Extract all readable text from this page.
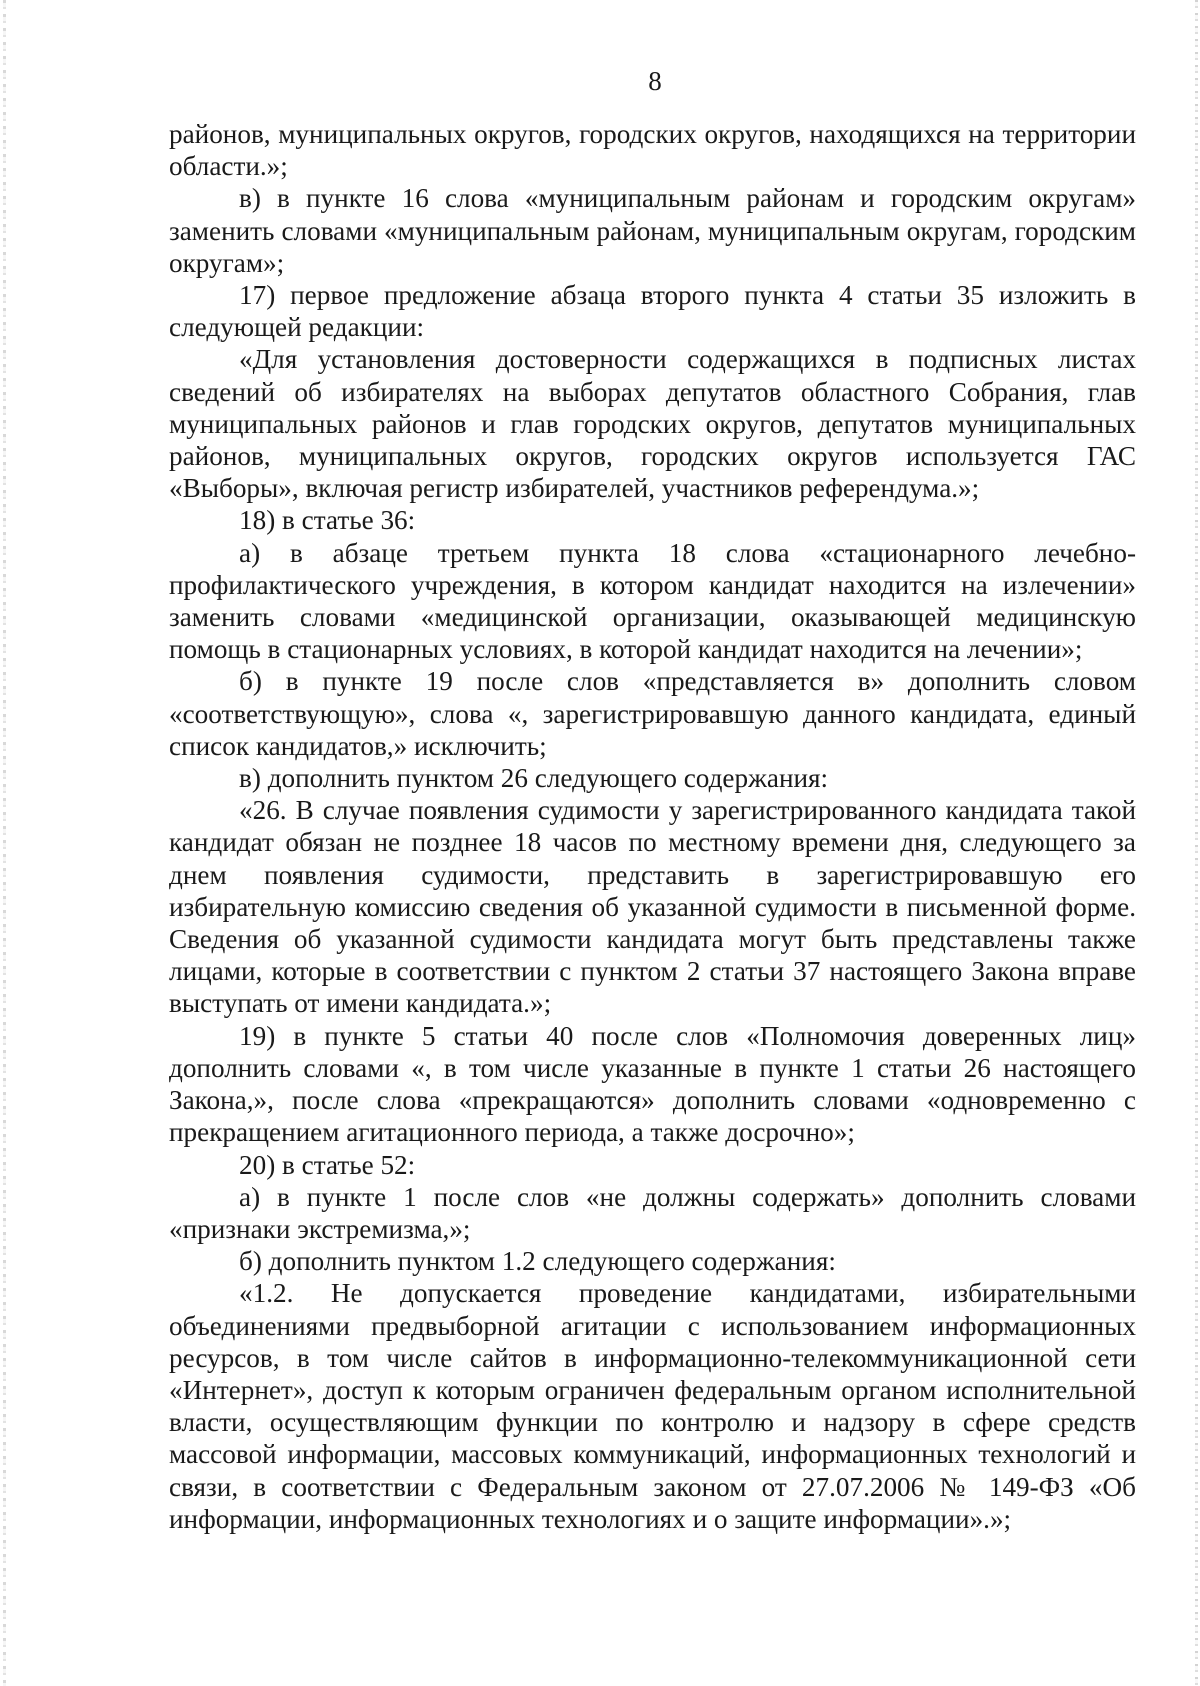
8

районов, муниципальных округов, городских округов, находящихся на территории области.»;

в) в пункте 16 слова «муниципальным районам и городским округам» заменить словами «муниципальным районам, муниципальным округам, городским округам»;

17) первое предложение абзаца второго пункта 4 статьи 35 изложить в следующей редакции:

«Для установления достоверности содержащихся в подписных листах сведений об избирателях на выборах депутатов областного Собрания, глав муниципальных районов и глав городских округов, депутатов муниципальных районов, муниципальных округов, городских округов используется ГАС «Выборы», включая регистр избирателей, участников референдума.»;

18) в статье 36:

а) в абзаце третьем пункта 18 слова «стационарного лечебно-профилактического учреждения, в котором кандидат находится на излечении» заменить словами «медицинской организации, оказывающей медицинскую помощь в стационарных условиях, в которой кандидат находится на лечении»;

б) в пункте 19 после слов «представляется в» дополнить словом «соответствующую», слова «, зарегистрировавшую данного кандидата, единый список кандидатов,» исключить;

в) дополнить пунктом 26 следующего содержания:

«26. В случае появления судимости у зарегистрированного кандидата такой кандидат обязан не позднее 18 часов по местному времени дня, следующего за днем появления судимости, представить в зарегистрировавшую его избирательную комиссию сведения об указанной судимости в письменной форме. Сведения об указанной судимости кандидата могут быть представлены также лицами, которые в соответствии с пунктом 2 статьи 37 настоящего Закона вправе выступать от имени кандидата.»;

19) в пункте 5 статьи 40 после слов «Полномочия доверенных лиц» дополнить словами «, в том числе указанные в пункте 1 статьи 26 настоящего Закона,», после слова «прекращаются» дополнить словами «одновременно с прекращением агитационного периода, а также досрочно»;

20) в статье 52:

а) в пункте 1 после слов «не должны содержать» дополнить словами «признаки экстремизма,»;

б) дополнить пунктом 1.2 следующего содержания:

«1.2. Не допускается проведение кандидатами, избирательными объединениями предвыборной агитации с использованием информационных ресурсов, в том числе сайтов в информационно-телекоммуникационной сети «Интернет», доступ к которым ограничен федеральным органом исполнительной власти, осуществляющим функции по контролю и надзору в сфере средств массовой информации, массовых коммуникаций, информационных технологий и связи, в соответствии с Федеральным законом от 27.07.2006 № 149-ФЗ «Об информации, информационных технологиях и о защите информации».»;
